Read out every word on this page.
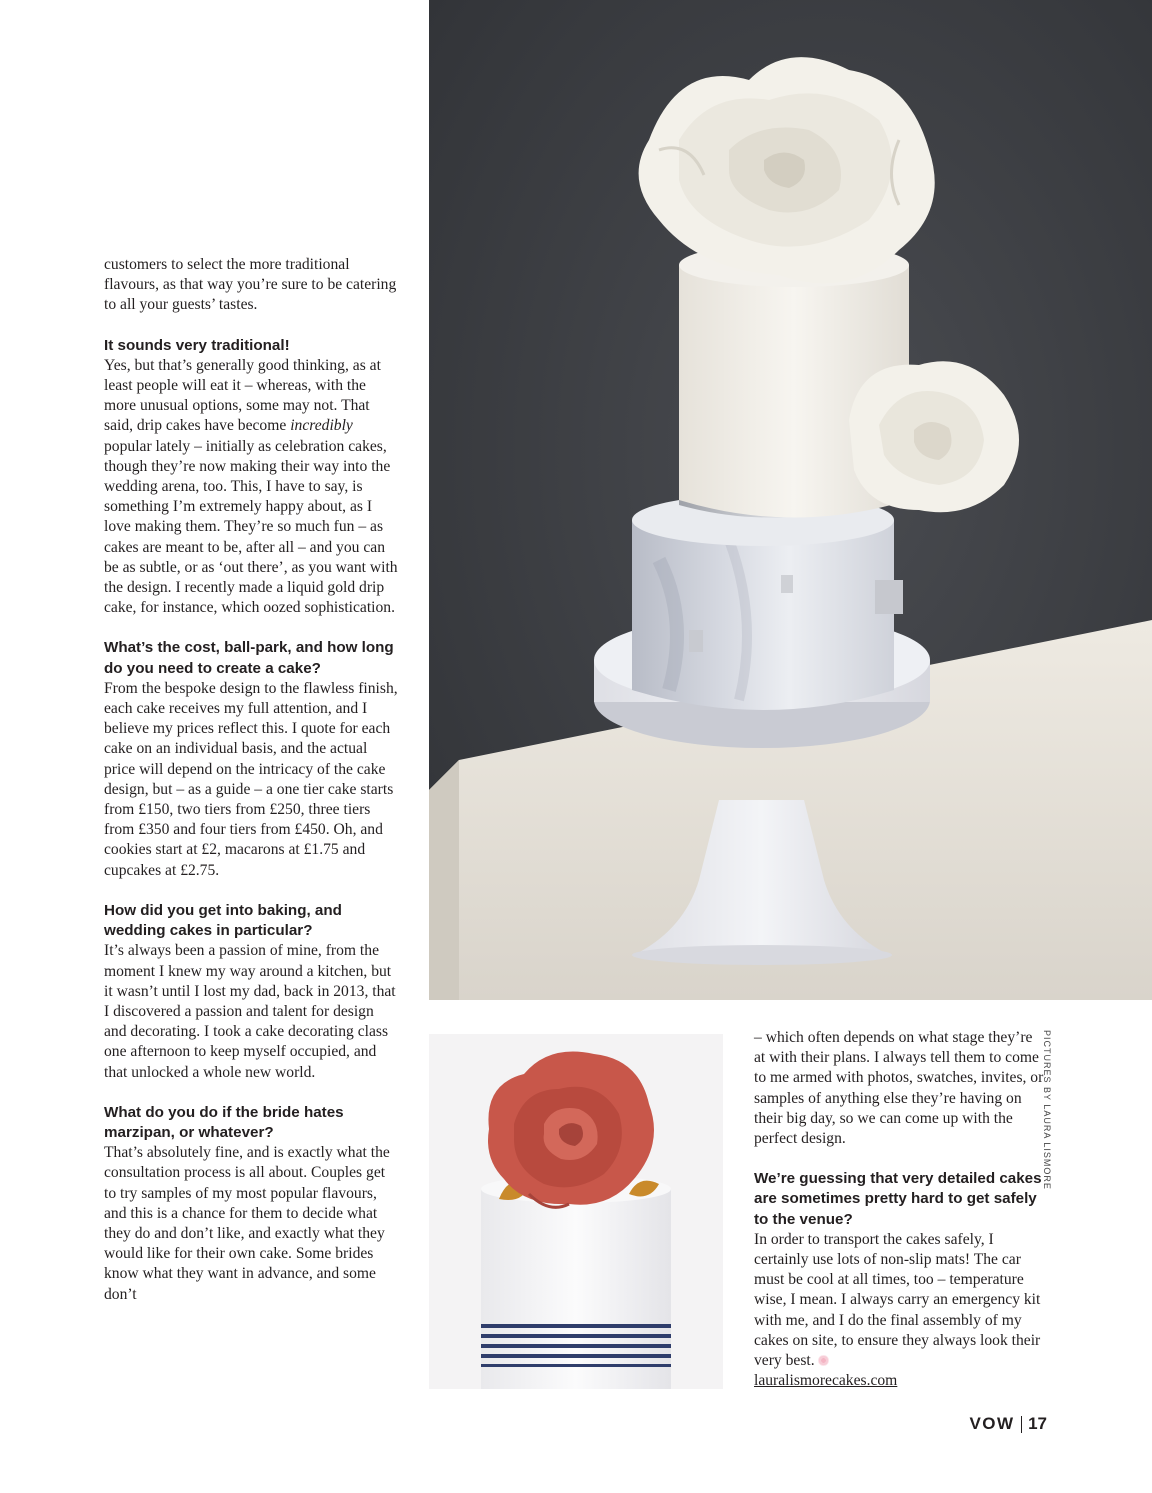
customers to select the more traditional flavours, as that way you’re sure to be catering to all your guests’ tastes.

It sounds very traditional!
Yes, but that’s generally good thinking, as at least people will eat it – whereas, with the more unusual options, some may not. That said, drip cakes have become incredibly popular lately – initially as celebration cakes, though they’re now making their way into the wedding arena, too. This, I have to say, is something I’m extremely happy about, as I love making them. They’re so much fun – as cakes are meant to be, after all – and you can be as subtle, or as ‘out there’, as you want with the design. I recently made a liquid gold drip cake, for instance, which oozed sophistication.

What’s the cost, ball-park, and how long do you need to create a cake?
From the bespoke design to the flawless finish, each cake receives my full attention, and I believe my prices reflect this. I quote for each cake on an individual basis, and the actual price will depend on the intricacy of the cake design, but – as a guide – a one tier cake starts from £150, two tiers from £250, three tiers from £350 and four tiers from £450. Oh, and cookies start at £2, macarons at £1.75 and cupcakes at £2.75.

How did you get into baking, and wedding cakes in particular?
It’s always been a passion of mine, from the moment I knew my way around a kitchen, but it wasn’t until I lost my dad, back in 2013, that I discovered a passion and talent for design and decorating. I took a cake decorating class one afternoon to keep myself occupied, and that unlocked a whole new world.

What do you do if the bride hates marzipan, or whatever?
That’s absolutely fine, and is exactly what the consultation process is all about. Couples get to try samples of my most popular flavours, and this is a chance for them to decide what they do and don’t like, and exactly what they would like for their own cake. Some brides know what they want in advance, and some don’t

– which often depends on what stage they’re at with their plans. I always tell them to come to me armed with photos, swatches, invites, or samples of anything else they’re having on their big day, so we can come up with the perfect design.

We’re guessing that very detailed cakes are sometimes pretty hard to get safely to the venue?
In order to transport the cakes safely, I certainly use lots of non-slip mats! The car must be cool at all times, too – temperature wise, I mean. I always carry an emergency kit with me, and I do the final assembly of my cakes on site, to ensure they always look their very best.
lauralismorecakes.com

PICTURES BY LAURA LISMORE
VOW 17
